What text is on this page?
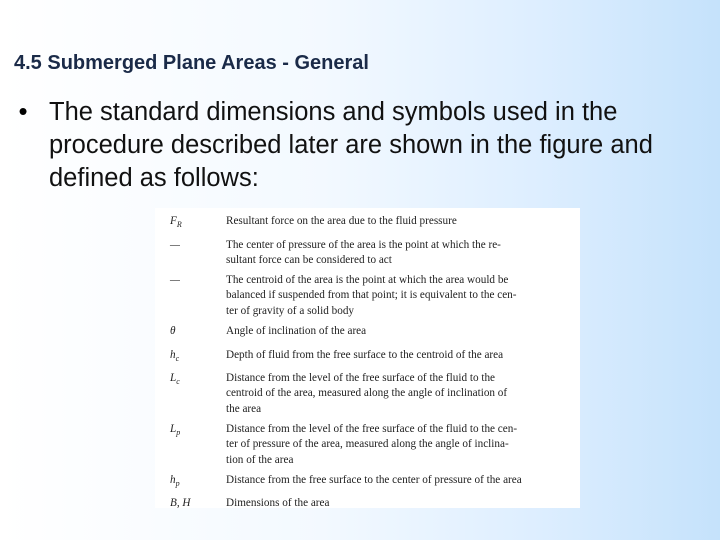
4.5 Submerged Plane Areas - General
• The standard dimensions and symbols used in the procedure described later are shown in the figure and defined as follows:
$F_R$	Resultant force on the area due to the fluid pressure
—	The center of pressure of the area is the point at which the re-
sultant force can be considered to act
—	The centroid of the area is the point at which the area would be
balanced if suspended from that point; it is equivalent to the cen-
ter of gravity of a solid body
θ	Angle of inclination of the area
$h_c$	Depth of fluid from the free surface to the centroid of the area
$L_c$	Distance from the level of the free surface of the fluid to the
centroid of the area, measured along the angle of inclination of
the area
$L_p$	Distance from the level of the free surface of the fluid to the cen-
ter of pressure of the area, measured along the angle of inclina-
tion of the area
$h_p$	Distance from the free surface to the center of pressure of the area
B, H	Dimensions of the area
